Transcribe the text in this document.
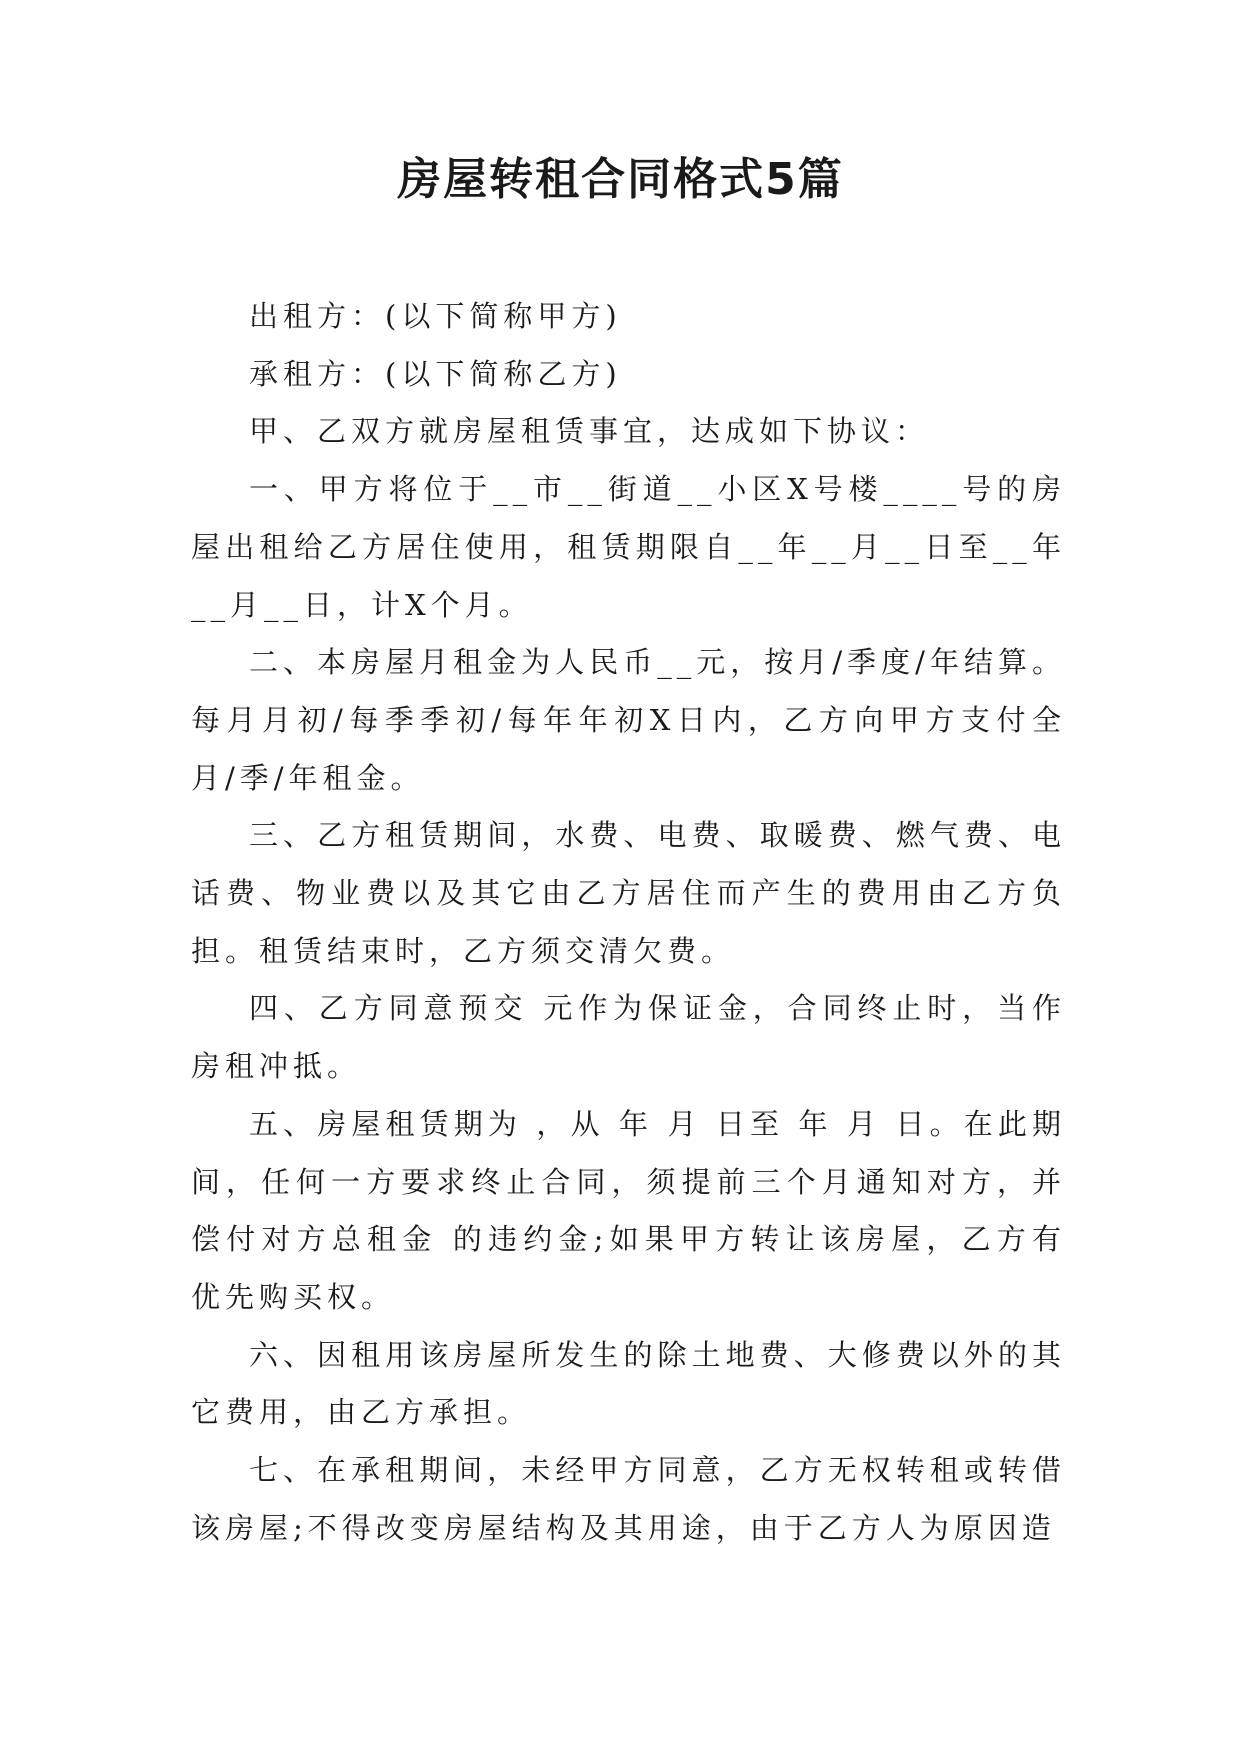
房屋转租合同格式5篇

出租方：(以下简称甲方)

承租方：(以下简称乙方)

甲、乙双方就房屋租赁事宜，达成如下协议：

一、甲方将位于__市__街道__小区X号楼____号的房屋出租给乙方居住使用，租赁期限自__年__月__日至__年__月__日，计X个月。

二、本房屋月租金为人民币__元，按月/季度/年结算。每月月初/每季季初/每年年初X日内，乙方向甲方支付全月/季/年租金。

三、乙方租赁期间，水费、电费、取暖费、燃气费、电话费、物业费以及其它由乙方居住而产生的费用由乙方负担。租赁结束时，乙方须交清欠费。

四、乙方同意预交 元作为保证金，合同终止时，当作房租冲抵。

五、房屋租赁期为 ，从 年 月 日至 年 月 日。在此期间，任何一方要求终止合同，须提前三个月通知对方，并偿付对方总租金 的违约金;如果甲方转让该房屋，乙方有优先购买权。

六、因租用该房屋所发生的除土地费、大修费以外的其它费用，由乙方承担。

七、在承租期间，未经甲方同意，乙方无权转租或转借该房屋;不得改变房屋结构及其用途，由于乙方人为原因造
